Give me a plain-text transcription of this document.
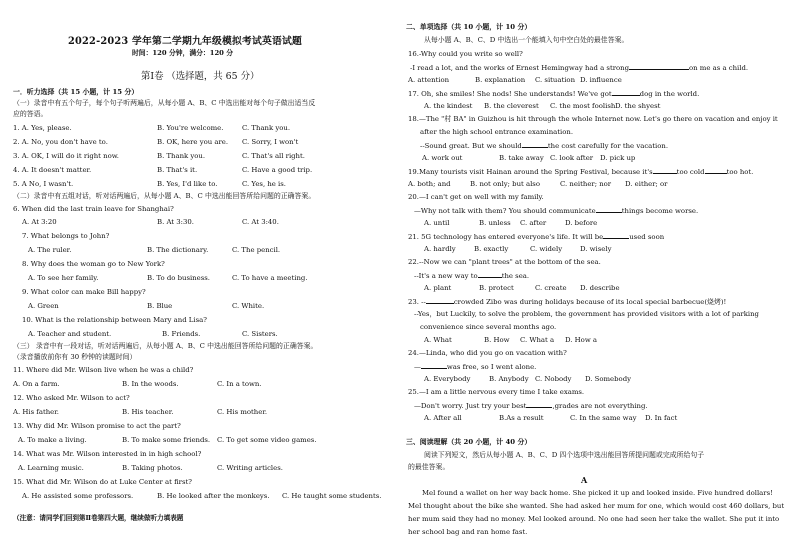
2022-2023 学年第二学期九年级模拟考试英语试题
时间：120 分钟，满分：120 分
第Ⅰ卷 （选择题，共 65 分）
一．听力选择（共 15 小题，计 15 分）
（一）录音中有五个句子，每个句子听两遍后，从每小题 A、B、C 中选出能对每个句子做出适当反
应的答语。
1. A. Yes, please.	B. You're welcome.	C. Thank you.
2. A. No, you don't have to.	B. OK, here you are. C. Sorry, I won't
3. A. OK, I will do it right now.	B. Thank you.	C. That's all right.
4. A. It doesn't matter.	B. That's it.	C. Have a good trip.
5. A No, I wasn't.	B. Yes, I'd like to.	C. Yes, he is.
（二）录音中有五组对话，听对话两遍后，从每小题 A、B、C 中选出能回答所给问题的正确答案。
6. When did the last train leave for Shanghai?
A. At 3:20	B. At 3:30.	C. At 3:40.
7. What belongs to John?
A. The ruler.	B. The dictionary.	C. The pencil.
8. Why does the woman go to New York?
A. To see her family.	B. To do business.	C. To have a meeting.
9. What color can make Bill happy?
A. Green	B. Blue	C. White.
10. What is the relationship between Mary and Lisa?
A. Teacher and student.	B. Friends.	C. Sisters.
（三） 录音中有一段对话，听对话两遍后，从每小题 A、B、C 中选出能回答所给问题的正确答案。
（录音播放前你有 30 秒钟的读题时间）
11. Where did Mr. Wilson live when he was a child?
A. On a farm.	B. In the woods.	C. In a town.
12. Who asked Mr. Wilson to act?
A. His father.	B. His teacher.	C. His mother.
13. Why did Mr. Wilson promise to act the part?
A. To make a living.	B. To make some friends. C. To get some video games.
14. What was Mr. Wilson interested in in high school?
A. Learning music.	B. Taking photos.	C. Writing articles.
15. What did Mr. Wilson do at Luke Center at first?
A. He assisted some professors.	B. He looked after the monkeys. C. He taught some students.
（注意：请同学们回到第Ⅱ卷第四大题，继续做听力填表题
二、单项选择（共 10 小题，计 10 分）
从每小题 A、B、C、D 中选出一个能填入句中空白处的最佳答案。
16.-Why could you write so well?
-I read a lot, and the works of Ernest Hemingway had a strong	on me as a child.
A. attention	B. explanation C. situation D. influence
17. Oh, she smiles! She nods! She understands! We've got	dog in the world.
A. the kindest B. the cleverest C. the most foolish D. the shyest
18.—The "村 BA" in Guizhou is hit through the whole Internet now. Let's go there on vacation and enjoy it
after the high school entrance examination.
--Sound great. But we should	the cost carefully for the vacation.
A. work out	B. take away C. look after D. pick up
19.Many tourists visit Hainan around the Spring Festival, because it's	too cold	too hot.
A. both; and	B. not only; but also	C. neither; nor D. either; or
20.—I can't get on well with my family.
—Why not talk with them? You should communicate	things become worse.
A. until	B. unless C. after	D. before
21. 5G technology has entered everyone's life. It will be	used soon
A. hardly	B. exactly	C. widely	D. wisely
22.--Now we can "plant trees" at the bottom of the sea.
--It's a new way to	the sea.
A. plant	B. protect	C. create D. describe
23. --	crowded Zibo was during holidays because of its local special barbecue(烧烤)!
--Yes，but Luckily, to solve the problem, the government has provided visitors with a lot of parking
convenience since several months ago.
A. What	B. How C. What a D. How a
24.—Linda, who did you go on vacation with?
—	was free, so I went alone.
A. Everybody	B. Anybody C. Nobody D. Somebody
25.—I am a little nervous every time I take exams.
—Don't worry. Just try your best	,grades are not everything.
A. After all	B.As a result	C. In the same way D. In fact
三、阅读理解（共 20 小题，计 40 分）
阅读下列短文，然后从每小题 A、B、C、D 四个选项中选出能回答所提问题或完成所给句子
的最佳答案。
A
Mel found a wallet on her way back home. She picked it up and looked inside. Five hundred dollars!
Mel thought about the bike she wanted. She had asked her mum for one, which would cost 460 dollars, but
her mum said they had no money. Mel looked around. No one had seen her take the wallet. She put it into
her school bag and ran home fast.
